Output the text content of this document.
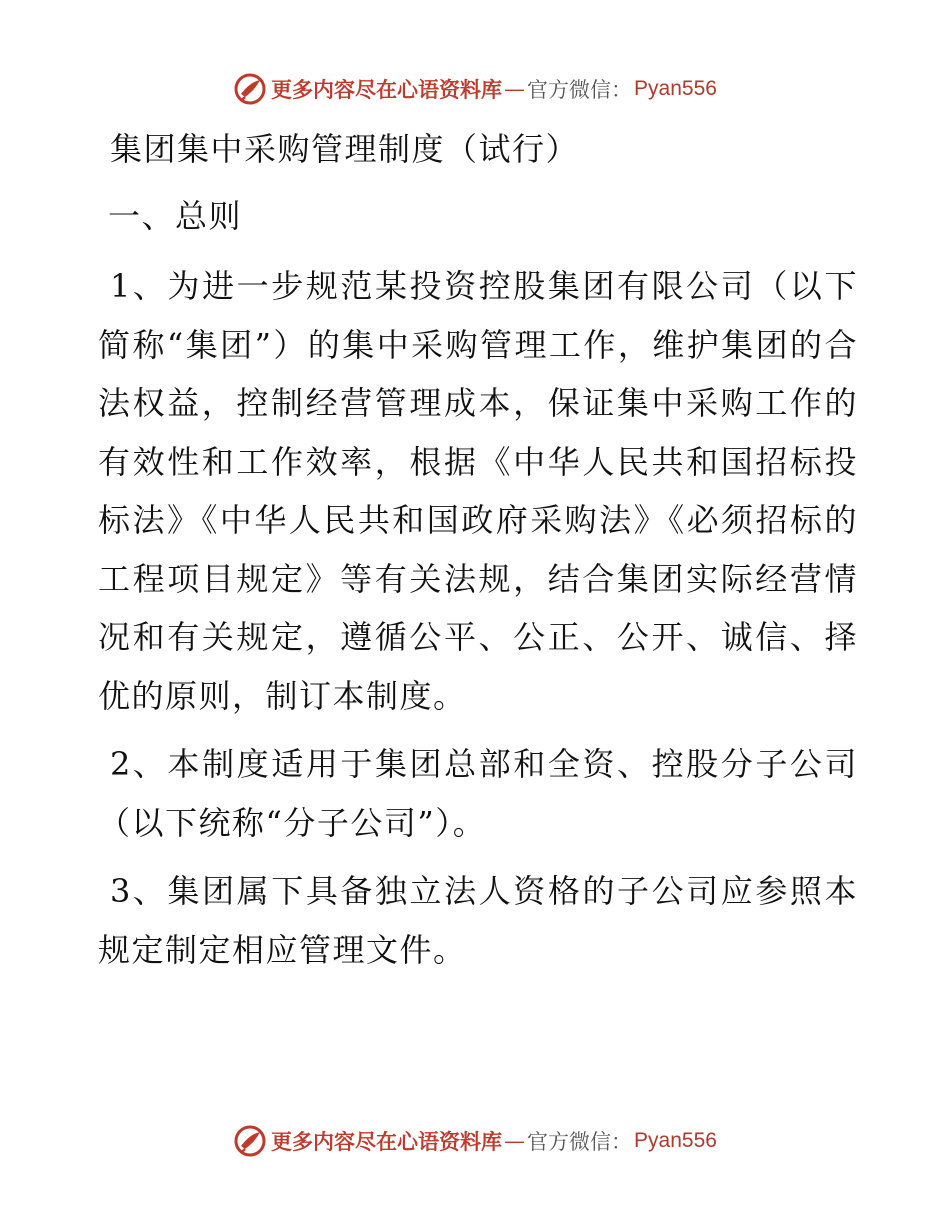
更多内容尽在心语资料库 — 官方微信： Pyan556

集团集中采购管理制度（试行）

一、总则

1、为进一步规范某投资控股集团有限公司（以下简称“集团”）的集中采购管理工作，维护集团的合法权益，控制经营管理成本，保证集中采购工作的有效性和工作效率，根据《中华人民共和国招标投标法》《中华人民共和国政府采购法》《必须招标的工程项目规定》等有关法规，结合集团实际经营情况和有关规定，遵循公平、公正、公开、诚信、择优的原则，制订本制度。

2、本制度适用于集团总部和全资、控股分子公司（以下统称“分子公司”）。

3、集团属下具备独立法人资格的子公司应参照本规定制定相应管理文件。

更多内容尽在心语资料库 — 官方微信： Pyan556
